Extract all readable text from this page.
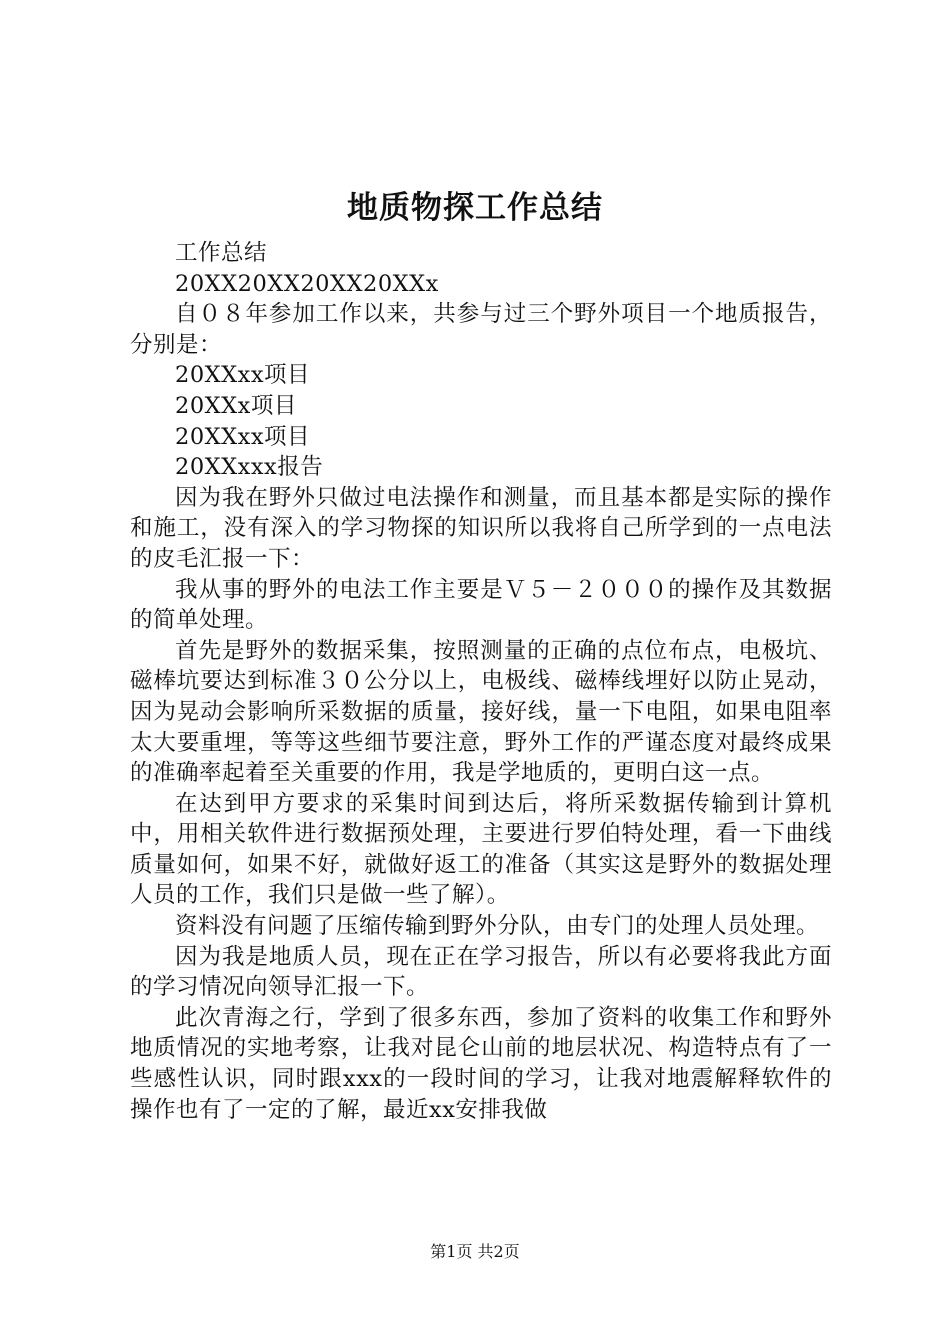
地质物探工作总结

工作总结

20XX20XX20XX20XXx

自０８年参加工作以来，共参与过三个野外项目一个地质报告，分别是：

20XXxx项目

20XXx项目

20XXxx项目

20XXxxx报告

因为我在野外只做过电法操作和测量，而且基本都是实际的操作和施工，没有深入的学习物探的知识所以我将自己所学到的一点电法的皮毛汇报一下：

我从事的野外的电法工作主要是Ｖ５－２０００的操作及其数据的简单处理。

首先是野外的数据采集，按照测量的正确的点位布点，电极坑、磁棒坑要达到标准３０公分以上，电极线、磁棒线埋好以防止晃动，因为晃动会影响所采数据的质量，接好线，量一下电阻，如果电阻率太大要重埋，等等这些细节要注意，野外工作的严谨态度对最终成果的准确率起着至关重要的作用，我是学地质的，更明白这一点。

在达到甲方要求的采集时间到达后，将所采数据传输到计算机中，用相关软件进行数据预处理，主要进行罗伯特处理，看一下曲线质量如何，如果不好，就做好返工的准备（其实这是野外的数据处理人员的工作，我们只是做一些了解）。

资料没有问题了压缩传输到野外分队，由专门的处理人员处理。

因为我是地质人员，现在正在学习报告，所以有必要将我此方面的学习情况向领导汇报一下。

此次青海之行，学到了很多东西，参加了资料的收集工作和野外地质情况的实地考察，让我对昆仑山前的地层状况、构造特点有了一些感性认识，同时跟xxx的一段时间的学习，让我对地震解释软件的操作也有了一定的了解，最近xx安排我做

第1页 共2页
